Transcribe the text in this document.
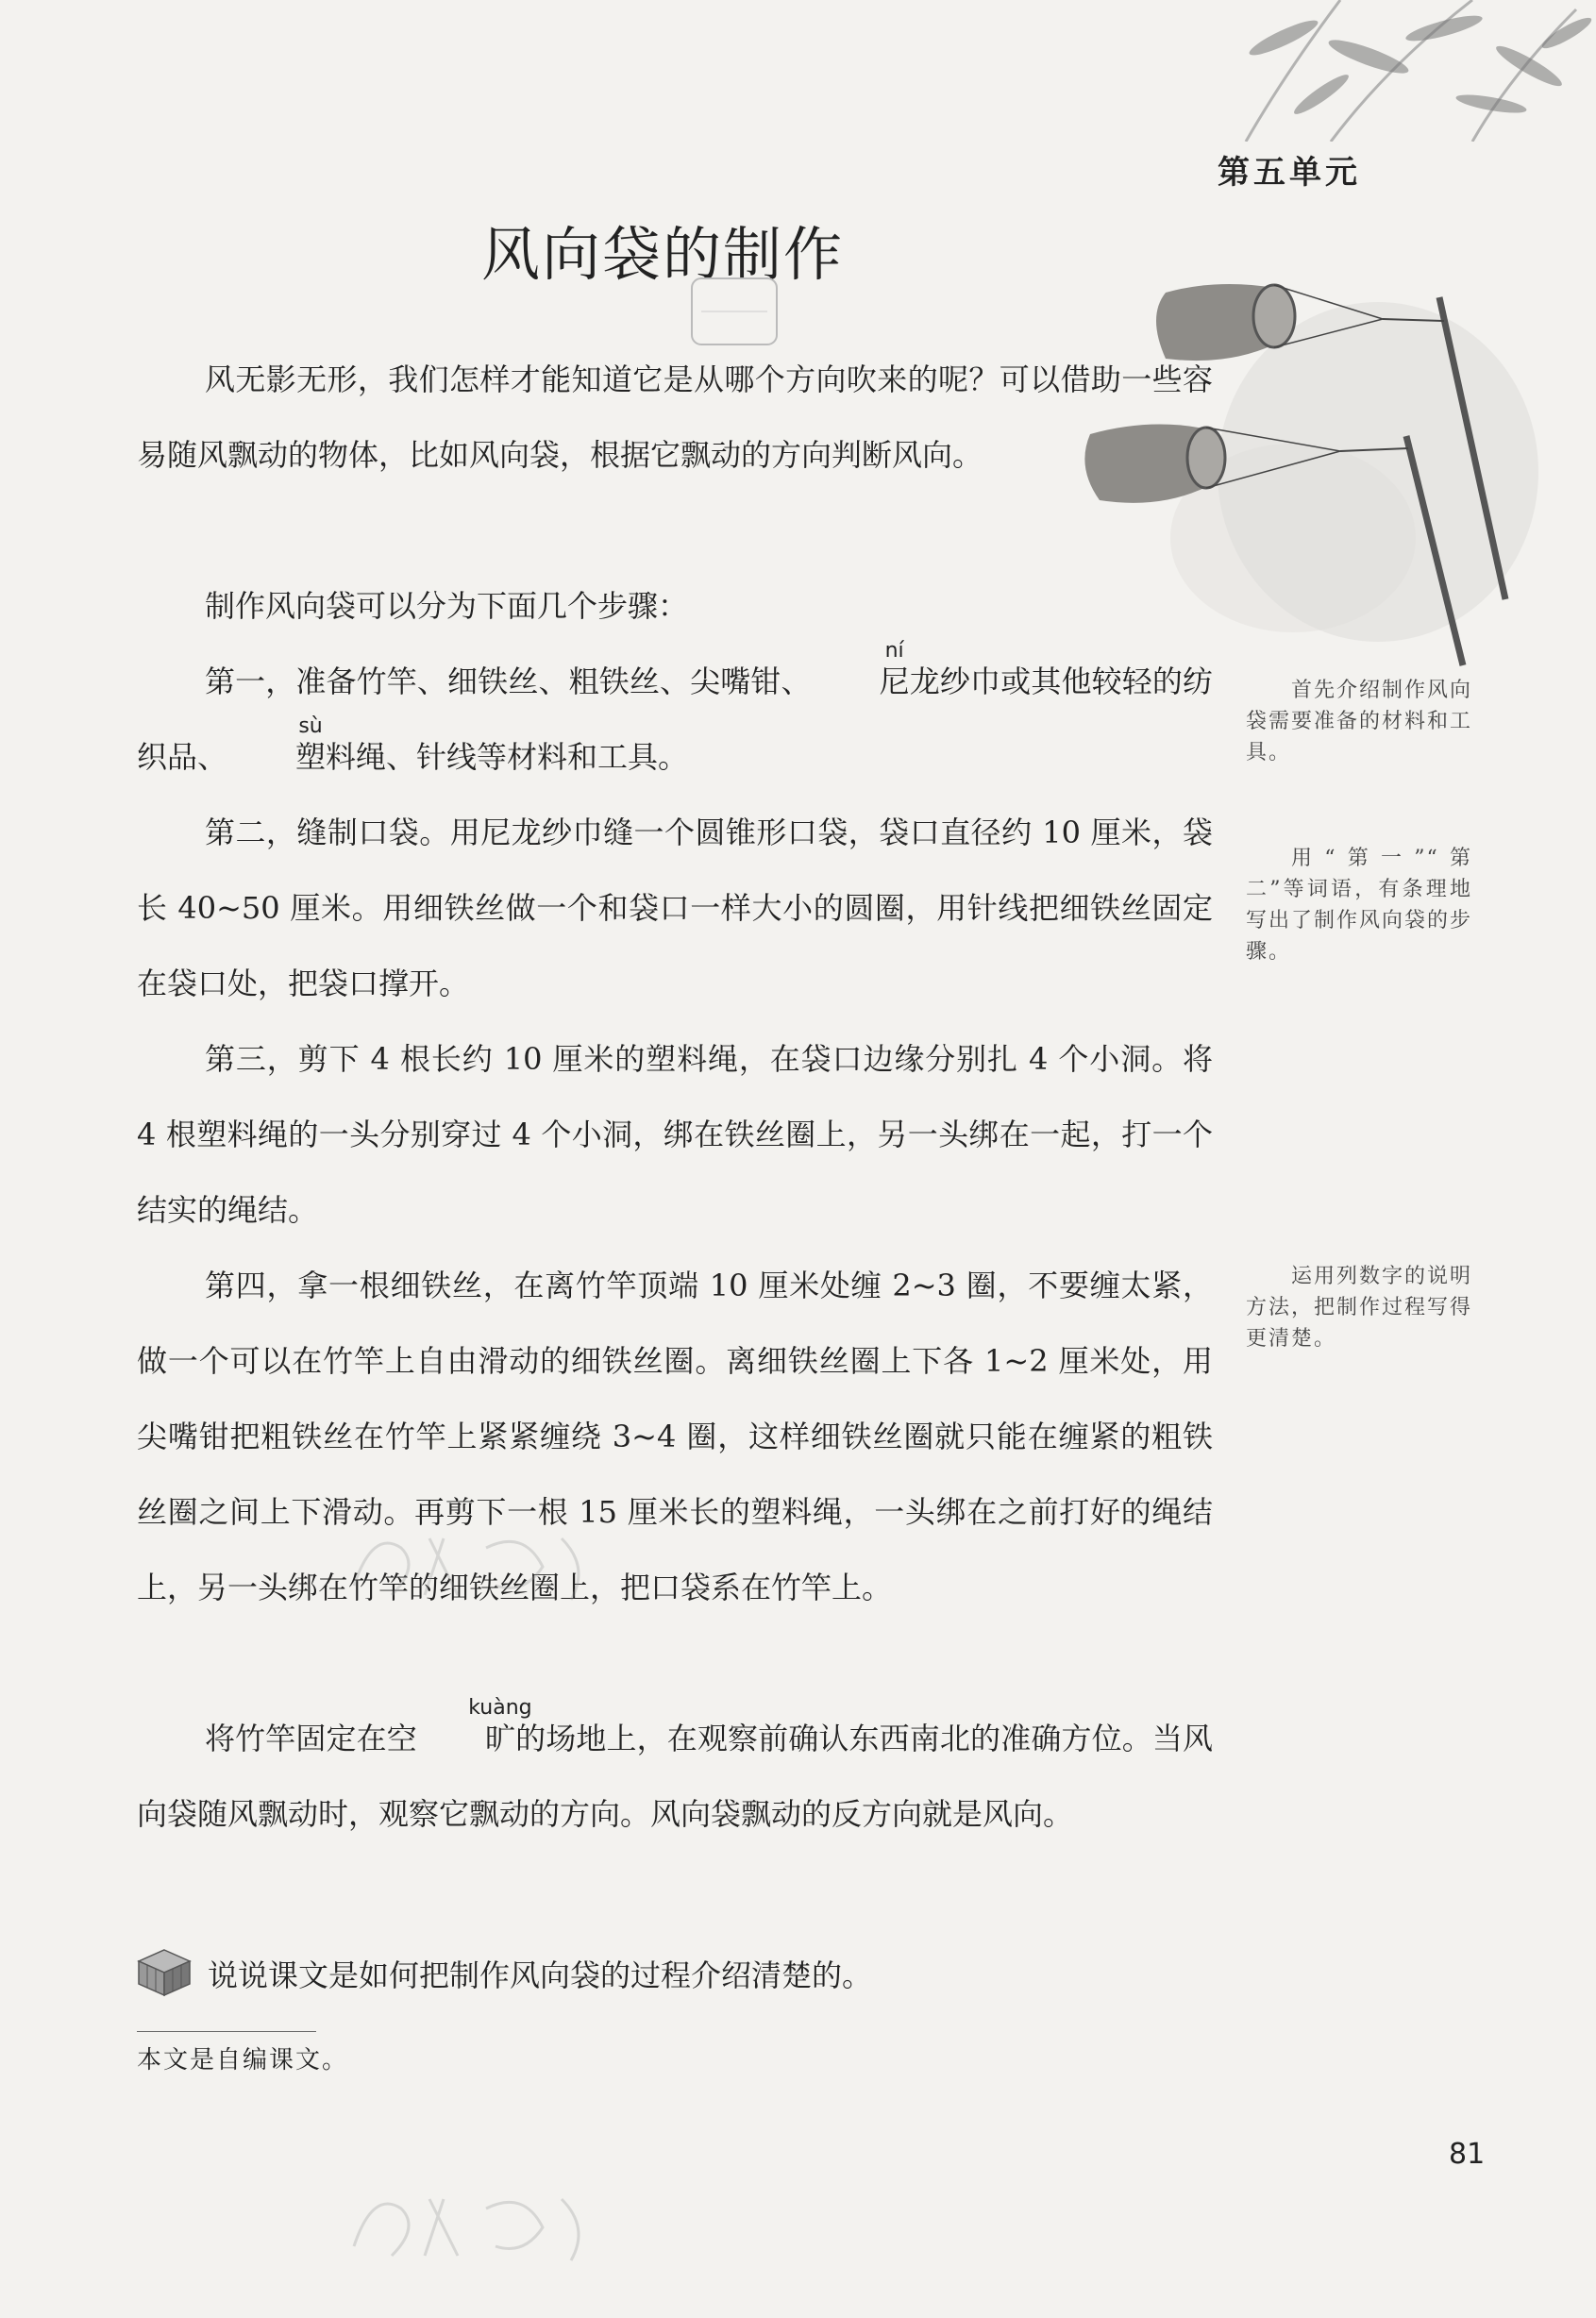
第五单元
风向袋的制作

风无影无形，我们怎样才能知道它是从哪个方向吹来的呢？可以借助一些容易随风飘动的物体，比如风向袋，根据它飘动的方向判断风向。

制作风向袋可以分为下面几个步骤：

第一，准备竹竿、细铁丝、粗铁丝、尖嘴钳、
ní
尼龙纱巾或其他较轻的纺织品、
sù
塑料绳、针线等材料和工具。

第二，缝制口袋。用尼龙纱巾缝一个圆锥形口袋，袋口直径约 10 厘米，袋长 40~50 厘米。用细铁丝做一个和袋口一样大小的圆圈，用针线把细铁丝固定在袋口处，把袋口撑开。

第三，剪下 4 根长约 10 厘米的塑料绳，在袋口边缘分别扎 4 个小洞。将 4 根塑料绳的一头分别穿过 4 个小洞，绑在铁丝圈上，另一头绑在一起，打一个结实的绳结。

第四，拿一根细铁丝，在离竹竿顶端 10 厘米处缠 2~3 圈，不要缠太紧，做一个可以在竹竿上自由滑动的细铁丝圈。离细铁丝圈上下各 1~2 厘米处，用尖嘴钳把粗铁丝在竹竿上紧紧缠绕 3~4 圈，这样细铁丝圈就只能在缠紧的粗铁丝圈之间上下滑动。再剪下一根 15 厘米长的塑料绳，一头绑在之前打好的绳结上，另一头绑在竹竿的细铁丝圈上，把口袋系在竹竿上。

将竹竿固定在空
kuàng
旷的场地上，在观察前确认东西南北的准确方位。当风向袋随风飘动时，观察它飘动的方向。风向袋飘动的反方向就是风向。

首先介绍制作风向袋需要准备的材料和工具。
用“第一”“第二”等词语，有条理地写出了制作风向袋的步骤。
运用列数字的说明方法，把制作过程写得更清楚。
说说课文是如何把制作风向袋的过程介绍清楚的。
本文是自编课文。
81
